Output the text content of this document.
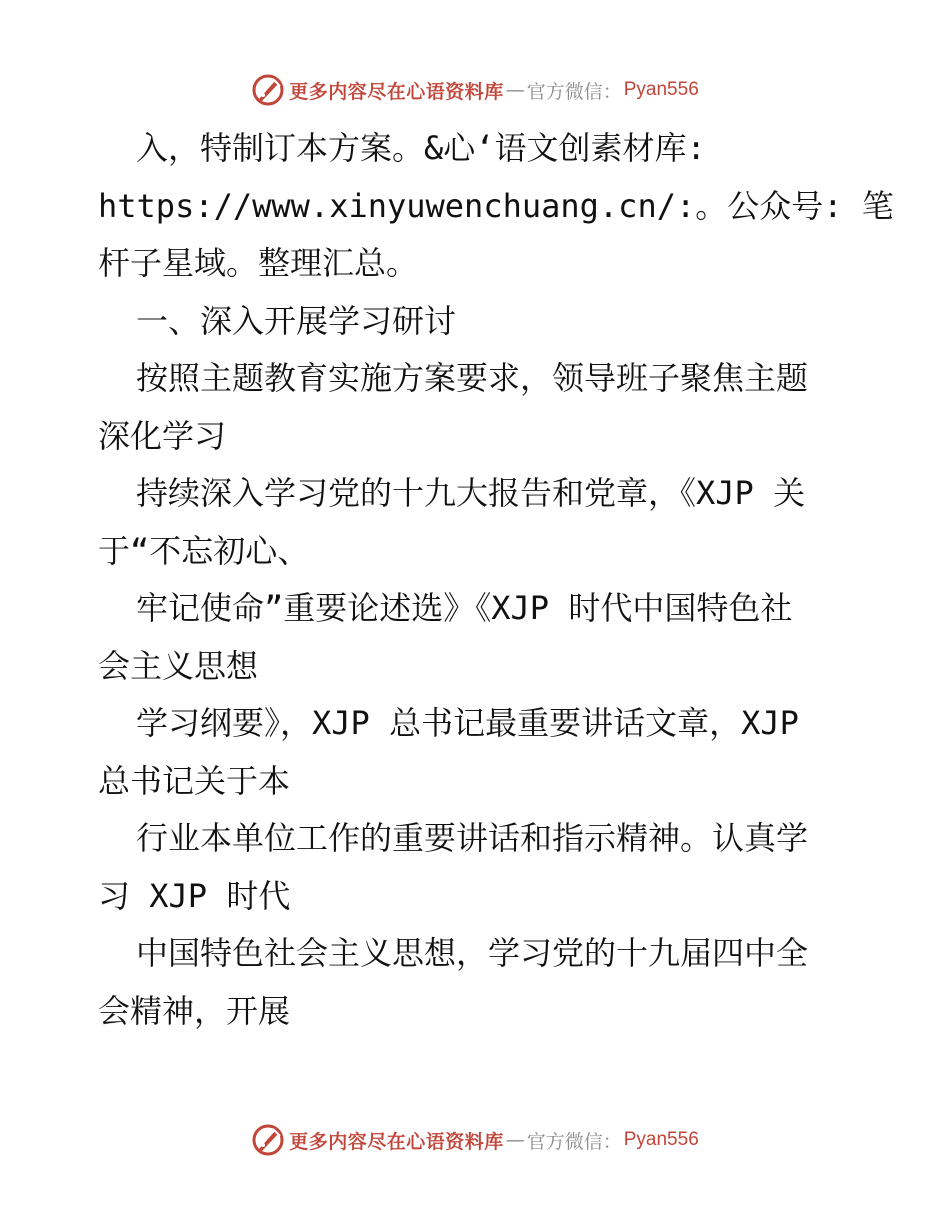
更多内容尽在心语资料库 — 官方微信： Pyan556
入，特制订本方案。&心‘语文创素材库:
https://www.xinyuwenchuang.cn/:。公众号: 笔
杆子星域。整理汇总。
一、深入开展学习研讨
按照主题教育实施方案要求，领导班子聚焦主题
深化学习
持续深入学习党的十九大报告和党章，《XJP 关
于“不忘初心、
牢记使命”重要论述选》《XJP 时代中国特色社
会主义思想
学习纲要》，XJP 总书记最重要讲话文章，XJP
总书记关于本
行业本单位工作的重要讲话和指示精神。认真学
习 XJP 时代
中国特色社会主义思想，学习党的十九届四中全
会精神，开展
更多内容尽在心语资料库 — 官方微信： Pyan556
